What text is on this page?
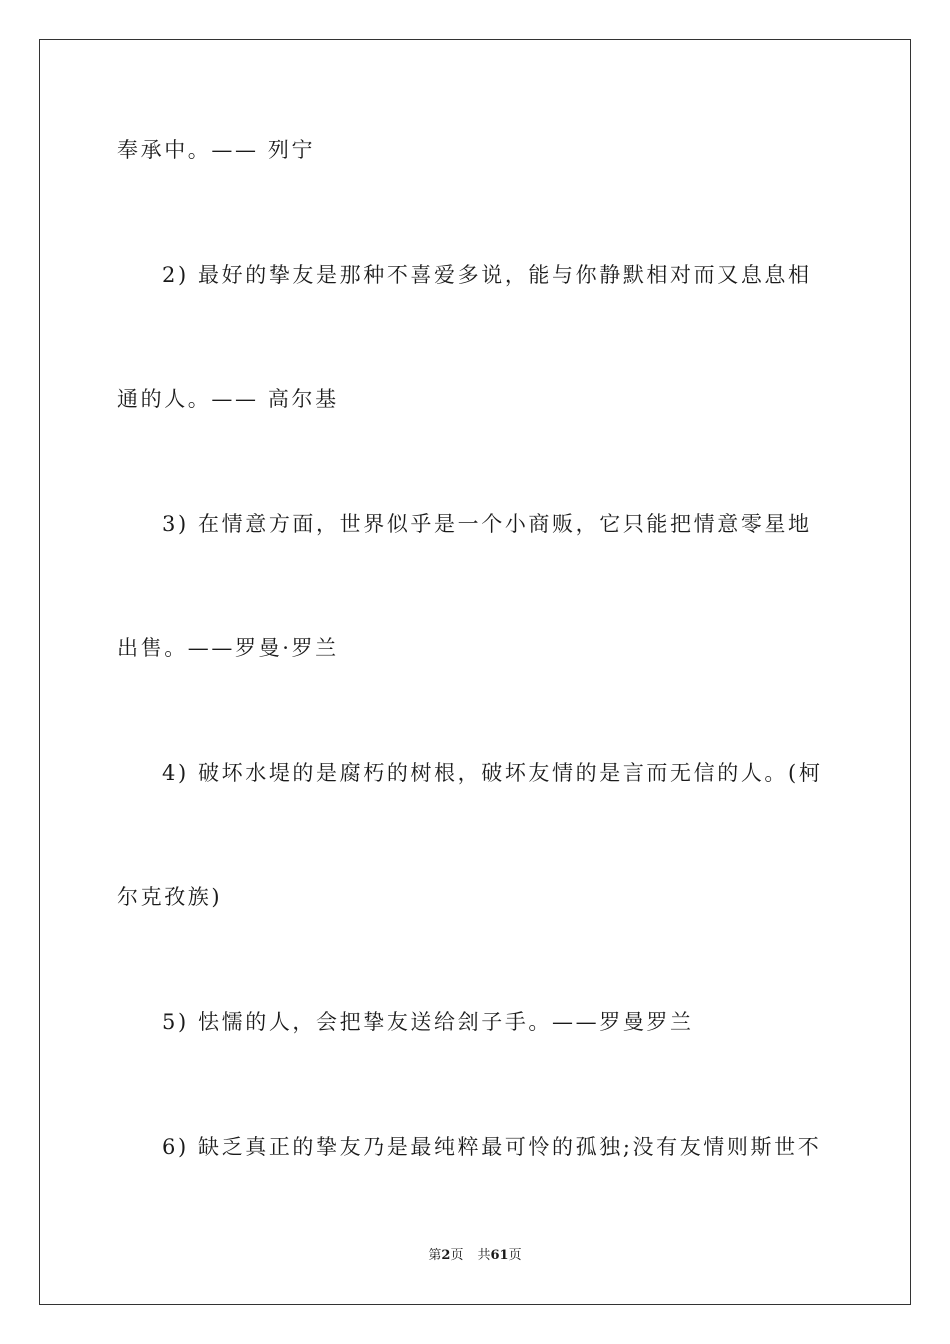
奉承中。—— 列宁
2) 最好的挚友是那种不喜爱多说，能与你静默相对而又息息相
通的人。—— 高尔基
3) 在情意方面，世界似乎是一个小商贩，它只能把情意零星地
出售。——罗曼·罗兰
4) 破坏水堤的是腐朽的树根，破坏友情的是言而无信的人。(柯
尔克孜族)
5) 怯懦的人，会把挚友送给刽子手。——罗曼罗兰
6) 缺乏真正的挚友乃是最纯粹最可怜的孤独;没有友情则斯世不
第2页 共61页
